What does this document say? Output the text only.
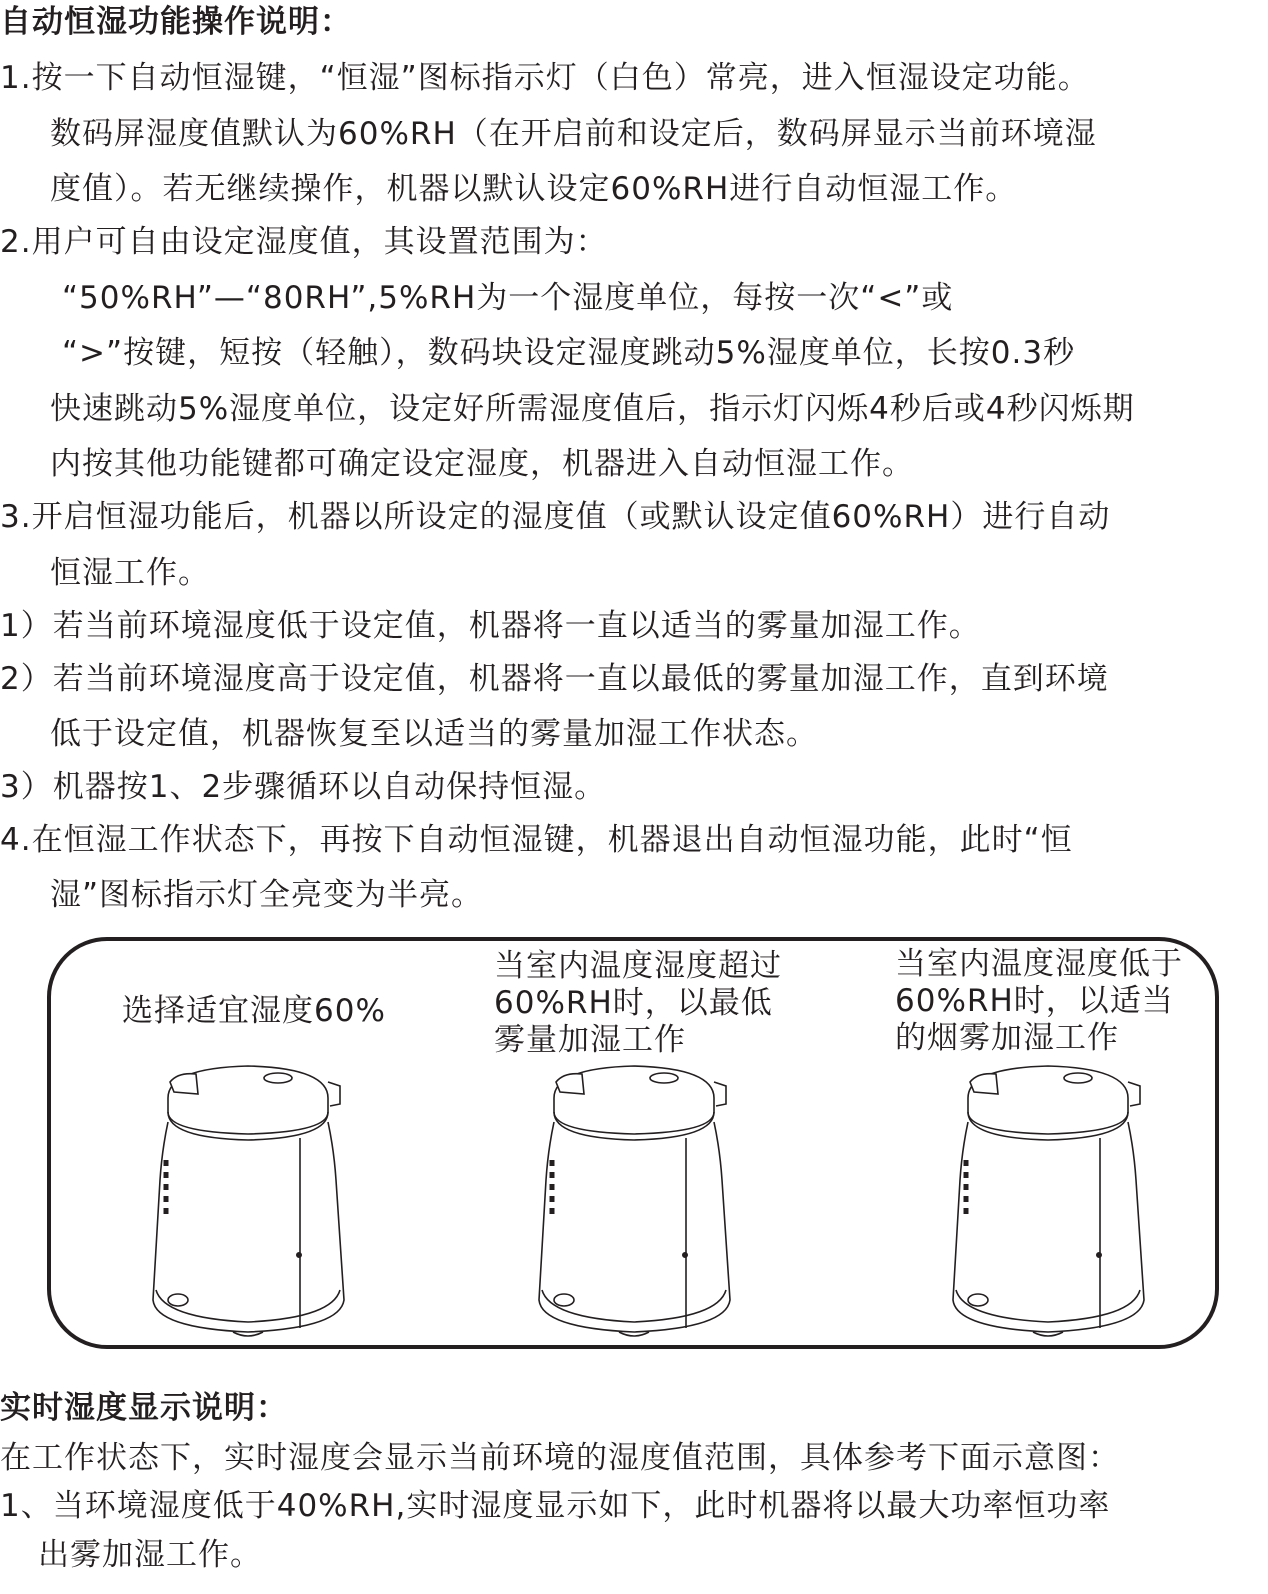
自动恒湿功能操作说明：
1.按一下自动恒湿键，“恒湿”图标指示灯（白色）常亮，进入恒湿设定功能。
数码屏湿度值默认为60%RH（在开启前和设定后，数码屏显示当前环境湿
度值）。若无继续操作，机器以默认设定60%RH进行自动恒湿工作。
2.用户可自由设定湿度值，其设置范围为：
“50%RH”—“80RH”,5%RH为一个湿度单位，每按一次“<”或
“>”按键，短按（轻触），数码块设定湿度跳动5%湿度单位，长按0.3秒
快速跳动5%湿度单位，设定好所需湿度值后，指示灯闪烁4秒后或4秒闪烁期
内按其他功能键都可确定设定湿度，机器进入自动恒湿工作。
3.开启恒湿功能后，机器以所设定的湿度值（或默认设定值60%RH）进行自动
恒湿工作。
1）若当前环境湿度低于设定值，机器将一直以适当的雾量加湿工作。
2）若当前环境湿度高于设定值，机器将一直以最低的雾量加湿工作，直到环境
低于设定值，机器恢复至以适当的雾量加湿工作状态。
3）机器按1、2步骤循环以自动保持恒湿。
4.在恒湿工作状态下，再按下自动恒湿键，机器退出自动恒湿功能，此时“恒
湿”图标指示灯全亮变为半亮。
选择适宜湿度60%
当室内温度湿度超过
60%RH时，以最低
雾量加湿工作
当室内温度湿度低于
60%RH时，以适当
的烟雾加湿工作
实时湿度显示说明：
在工作状态下，实时湿度会显示当前环境的湿度值范围，具体参考下面示意图：
1、当环境湿度低于40%RH,实时湿度显示如下，此时机器将以最大功率恒功率
出雾加湿工作。
